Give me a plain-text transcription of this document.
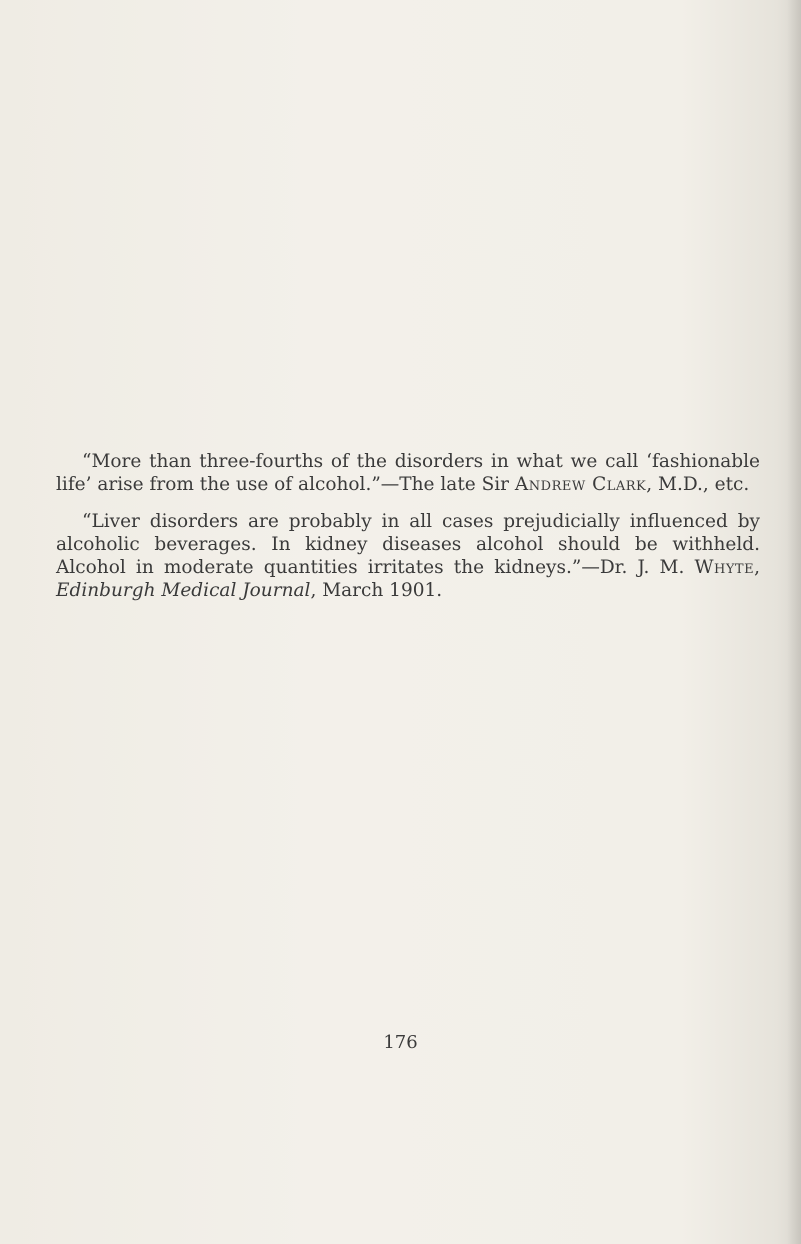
“More than three-fourths of the disorders in what we call ‘fashionable life’ arise from the use of alcohol.”—The late Sir Andrew Clark, M.D., etc.

“Liver disorders are probably in all cases prejudicially influenced by alcoholic beverages. In kidney diseases alcohol should be withheld. Alcohol in moderate quantities irritates the kidneys.”—Dr. J. M. Whyte, Edinburgh Medical Journal, March 1901.

176
